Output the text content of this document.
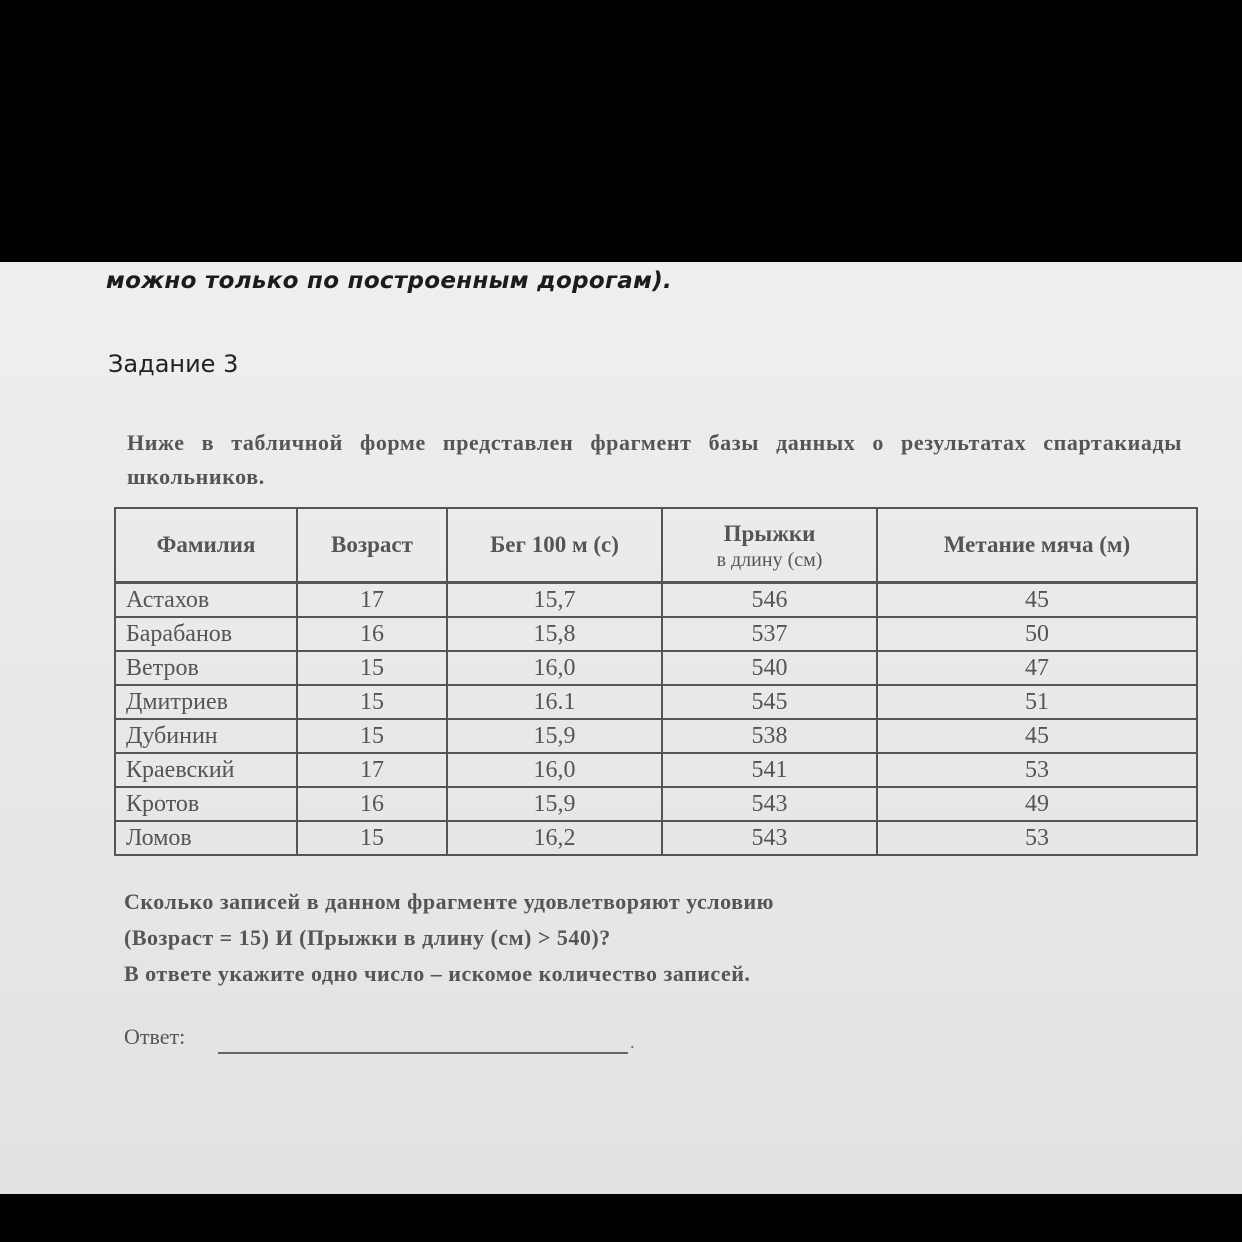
можно только по построенным дорогам).
Задание 3
Ниже в табличной форме представлен фрагмент базы данных о результатах спартакиады школьников.
Фамилия	Возраст	Бег 100 м (с)	Прыжки
в длину (см)	Метание мяча (м)
Астахов	17	15,7	546	45
Барабанов	16	15,8	537	50
Ветров	15	16,0	540	47
Дмитриев	15	16.1	545	51
Дубинин	15	15,9	538	45
Краевский	17	16,0	541	53
Кротов	16	15,9	543	49
Ломов	15	16,2	543	53
Сколько записей в данном фрагменте удовлетворяют условию
(Возраст = 15) И (Прыжки в длину (см) > 540)?
В ответе укажите одно число – искомое количество записей.
Ответ:	.
